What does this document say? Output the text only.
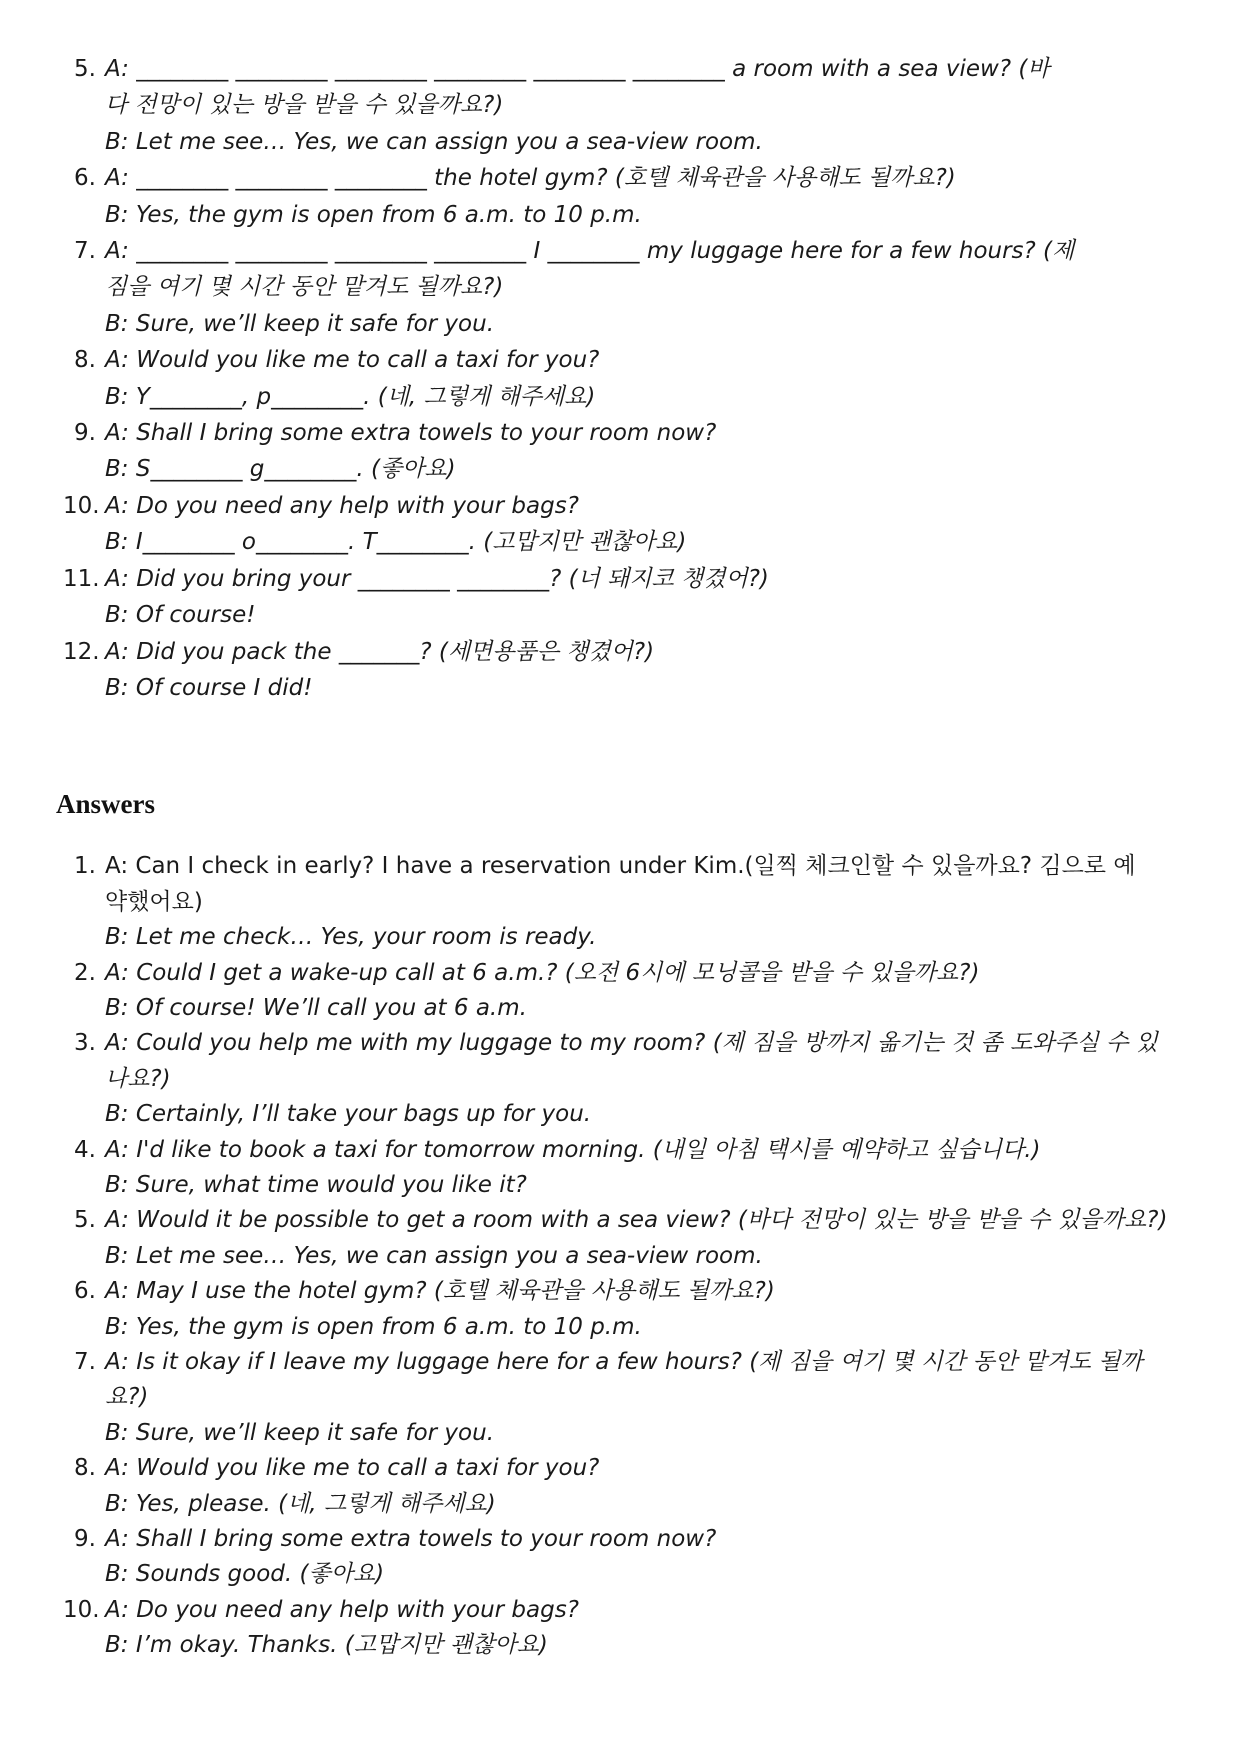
5. A: ________ ________ ________ ________ ________ ________ a room with a sea view? (바

다 전망이 있는 방을 받을 수 있을까요?)

B: Let me see… Yes, we can assign you a sea-view room.

6. A: ________ ________ ________ the hotel gym? (호텔 체육관을 사용해도 될까요?)

B: Yes, the gym is open from 6 a.m. to 10 p.m.

7. A: ________ ________ ________ ________ I ________ my luggage here for a few hours? (제

짐을 여기 몇 시간 동안 맡겨도 될까요?)

B: Sure, we’ll keep it safe for you.

8. A: Would you like me to call a taxi for you?

B: Y________, p________. (네, 그렇게 해주세요)

9. A: Shall I bring some extra towels to your room now?

B: S________ g________. (좋아요)

10. A: Do you need any help with your bags?

B: I________ o________. T________. (고맙지만 괜찮아요)

11. A: Did you bring your ________ ________? (너 돼지코 챙겼어?)

B: Of course!

12. A: Did you pack the _______? (세면용품은 챙겼어?)

B: Of course I did!

Answers
1. A: Can I check in early? I have a reservation under Kim.(일찍 체크인할 수 있을까요? 김으로 예

약했어요)

B: Let me check… Yes, your room is ready.

2. A: Could I get a wake-up call at 6 a.m.? (오전 6시에 모닝콜을 받을 수 있을까요?)

B: Of course! We’ll call you at 6 a.m.

3. A: Could you help me with my luggage to my room? (제 짐을 방까지 옮기는 것 좀 도와주실 수 있

나요?)

B: Certainly, I’ll take your bags up for you.

4. A: I'd like to book a taxi for tomorrow morning. (내일 아침 택시를 예약하고 싶습니다.)

B: Sure, what time would you like it?

5. A: Would it be possible to get a room with a sea view? (바다 전망이 있는 방을 받을 수 있을까요?)

B: Let me see… Yes, we can assign you a sea-view room.

6. A: May I use the hotel gym? (호텔 체육관을 사용해도 될까요?)

B: Yes, the gym is open from 6 a.m. to 10 p.m.

7. A: Is it okay if I leave my luggage here for a few hours? (제 짐을 여기 몇 시간 동안 맡겨도 될까

요?)

B: Sure, we’ll keep it safe for you.

8. A: Would you like me to call a taxi for you?

B: Yes, please. (네, 그렇게 해주세요)

9. A: Shall I bring some extra towels to your room now?

B: Sounds good. (좋아요)

10. A: Do you need any help with your bags?

B: I’m okay. Thanks. (고맙지만 괜찮아요)
